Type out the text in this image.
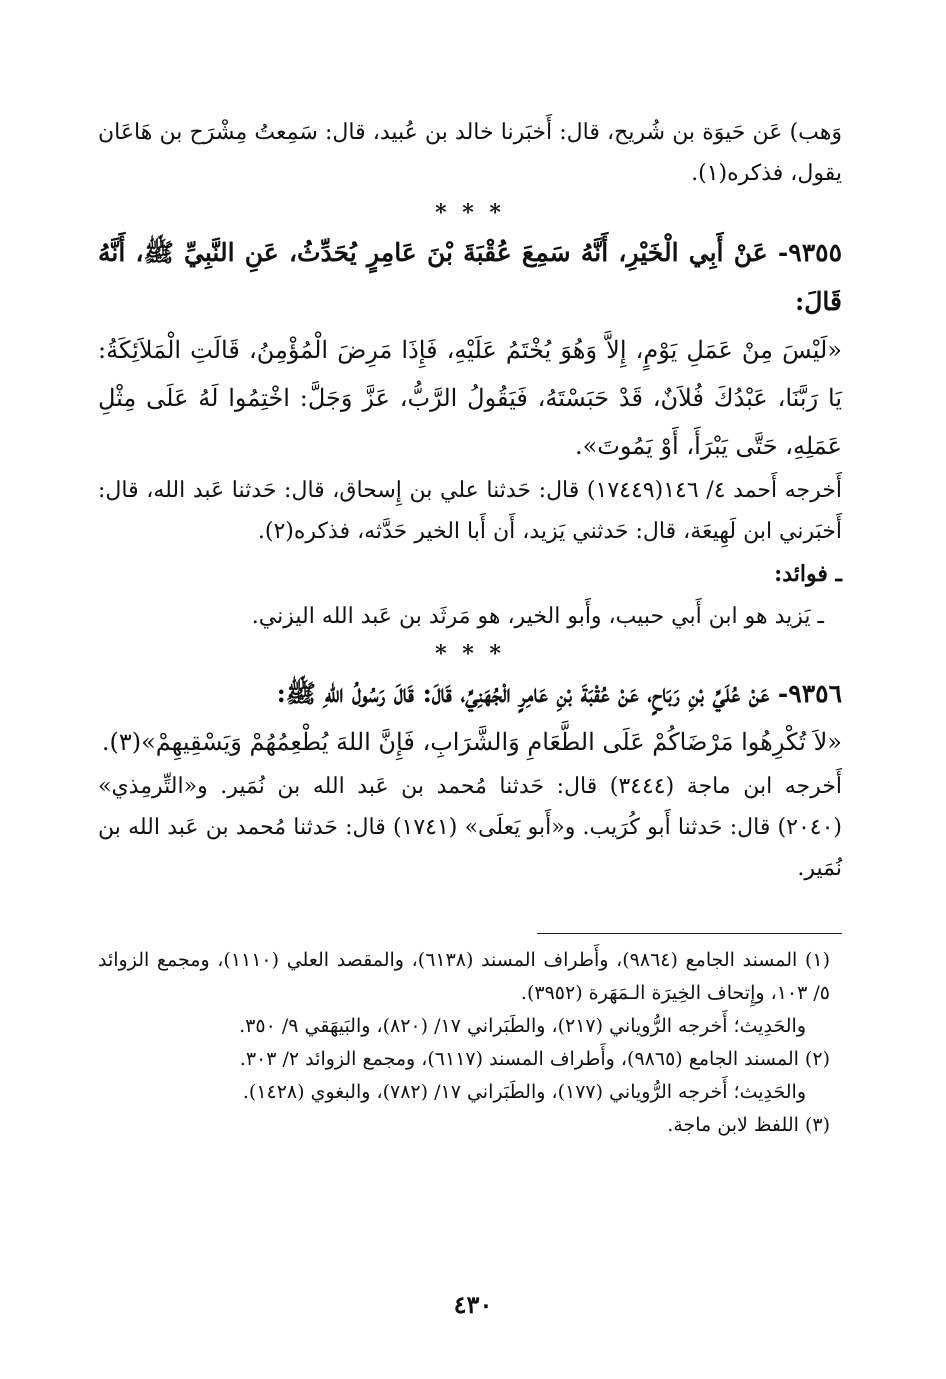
وَهب) عَن حَيوَة بن شُريح، قال: أَخبَرنا خالد بن عُبيد، قال: سَمِعتُ مِشْرَح بن هَاعَان يقول، فذكره(١).

* * *

٩٣٥٥- عَنْ أَبِي الْخَيْرِ، أَنَّهُ سَمِعَ عُقْبَةَ بْنَ عَامِرٍ يُحَدِّثُ، عَنِ النَّبِيِّ ﷺ، أَنَّهُ قَالَ:

«لَيْسَ مِنْ عَمَلِ يَوْمٍ، إِلاَّ وَهُوَ يُخْتَمُ عَلَيْهِ، فَإِذَا مَرِضَ الْمُؤْمِنُ، قَالَتِ الْمَلاَئِكَةُ: يَا رَبَّنَا، عَبْدُكَ فُلاَنٌ، قَدْ حَبَسْتَهُ، فَيَقُولُ الرَّبُّ، عَزَّ وَجَلَّ: اخْتِمُوا لَهُ عَلَى مِثْلِ عَمَلِهِ، حَتَّى يَبْرَأَ، أَوْ يَمُوتَ».

أَخرجه أَحمد ٤/ ١٤٦(١٧٤٤٩) قال: حَدثنا علي بن إِسحاق، قال: حَدثنا عَبد الله، قال: أَخبَرني ابن لَهِيعَة، قال: حَدثني يَزيد، أَن أَبا الخير حَدَّثه، فذكره(٢).

ـ فوائد:

ـ يَزيد هو ابن أَبي حبيب، وأَبو الخير، هو مَرثَد بن عَبد الله اليزني.

* * *

٩٣٥٦- عَنْ عُلَيِّ بْنِ رَبَاحٍ، عَنْ عُقْبَةَ بْنِ عَامِرٍ الْجُهَنِيِّ، قَالَ: قَالَ رَسُولُ اللهِ ﷺ:

«لاَ تُكْرِهُوا مَرْضَاكُمْ عَلَى الطَّعَامِ وَالشَّرَابِ، فَإِنَّ اللهَ يُطْعِمُهُمْ وَيَسْقِيهِمْ»(٣).

أَخرجه ابن ماجة (٣٤٤٤) قال: حَدثنا مُحمد بن عَبد الله بن نُمَير. و«التِّرمِذي» (٢٠٤٠) قال: حَدثنا أَبو كُرَيب. و«أَبو يَعلَى» (١٧٤١) قال: حَدثنا مُحمد بن عَبد الله بن نُمَير.

(١) المسند الجامع (٩٨٦٤)، وأَطراف المسند (٦١٣٨)، والمقصد العلي (١١١٠)، ومجمع الزوائد ٥/ ١٠٣، وإِتحاف الخِيرَة الـمَهَرة (٣٩٥٢).

والحَدِيث؛ أَخرجه الرُّوياني (٢١٧)، والطَبَراني ١٧/ (٨٢٠)، والبَيهَقي ٩/ ٣٥٠.

(٢) المسند الجامع (٩٨٦٥)، وأَطراف المسند (٦١١٧)، ومجمع الزوائد ٢/ ٣٠٣.

والحَدِيث؛ أَخرجه الرُّوياني (١٧٧)، والطَبَراني ١٧/ (٧٨٢)، والبغوي (١٤٢٨).

(٣) اللفظ لابن ماجة.

٤٣٠
